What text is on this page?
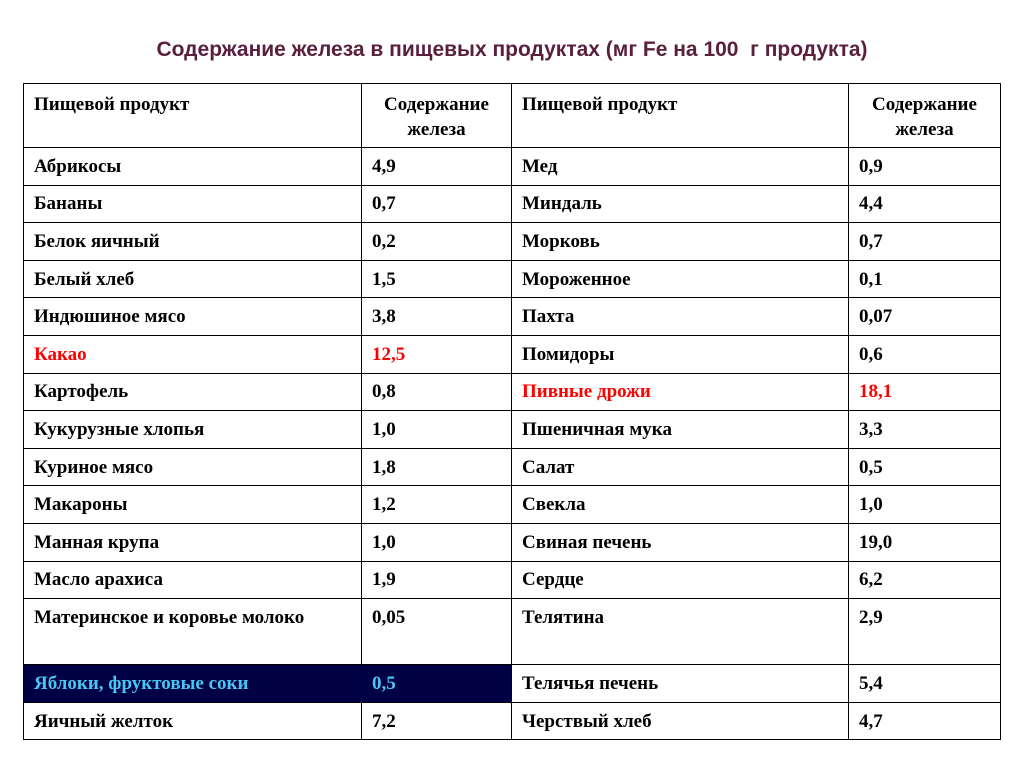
Содержание железа в пищевых продуктах (мг Fe на 100  г продукта)
Пищевой продукт	Содержание железа	Пищевой продукт	Содержание железа
Абрикосы	4,9	Мед	0,9
Бананы	0,7	Миндаль	4,4
Белок яичный	0,2	Морковь	0,7
Белый хлеб	1,5	Мороженное	0,1
Индюшиное мясо	3,8	Пахта	0,07
Какао	12,5	Помидоры	0,6
Картофель	0,8	Пивные дрожи	18,1
Кукурузные хлопья	1,0	Пшеничная мука	3,3
Куриное мясо	1,8	Салат	0,5
Макароны	1,2	Свекла	1,0
Манная крупа	1,0	Свиная печень	19,0
Масло арахиса	1,9	Сердце	6,2
Материнское и коровье молоко	0,05	Телятина	2,9
Яблоки, фруктовые соки	0,5	Телячья печень	5,4
Яичный желток	7,2	Черствый хлеб	4,7
